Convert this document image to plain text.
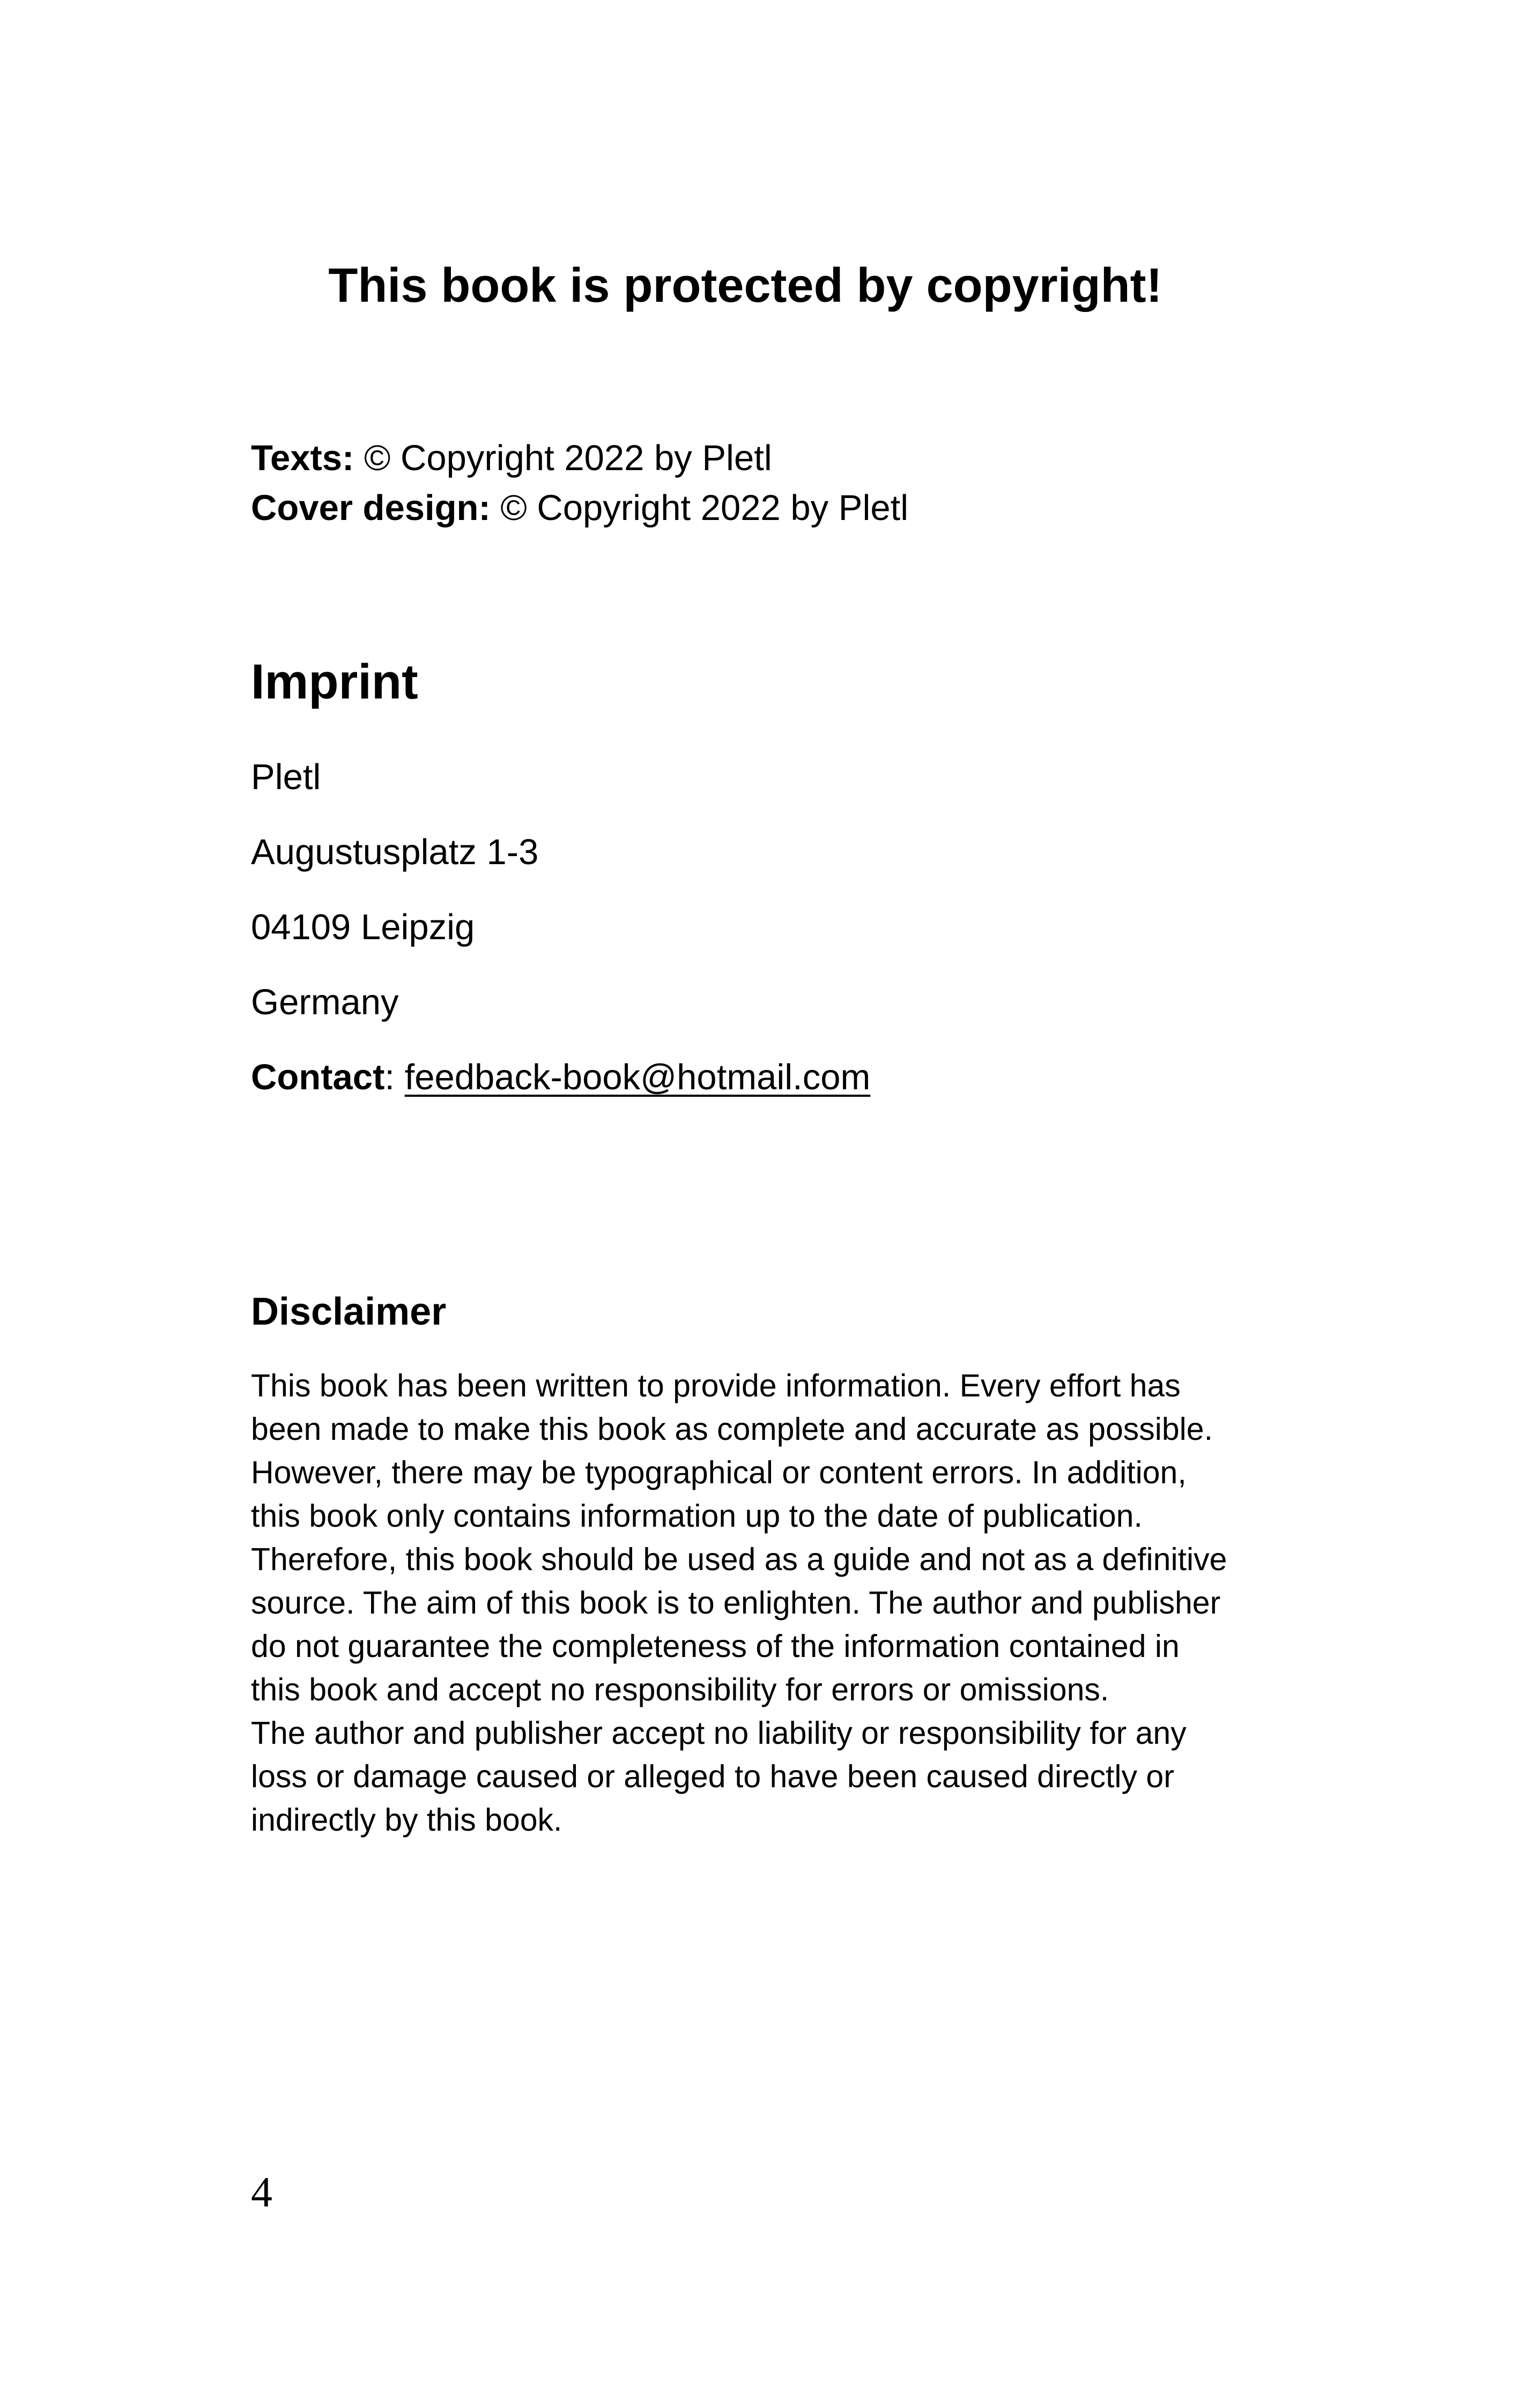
This book is protected by copyright!
Texts: © Copyright 2022 by Pletl
Cover design: © Copyright 2022 by Pletl
Imprint
Pletl
Augustusplatz 1-3
04109 Leipzig
Germany
Contact: feedback-book@hotmail.com
Disclaimer

This book has been written to provide information. Every effort has
been made to make this book as complete and accurate as possible.
However, there may be typographical or content errors. In addition,
this book only contains information up to the date of publication.
Therefore, this book should be used as a guide and not as a definitive
source. The aim of this book is to enlighten. The author and publisher
do not guarantee the completeness of the information contained in
this book and accept no responsibility for errors or omissions.
The author and publisher accept no liability or responsibility for any
loss or damage caused or alleged to have been caused directly or
indirectly by this book.

4
